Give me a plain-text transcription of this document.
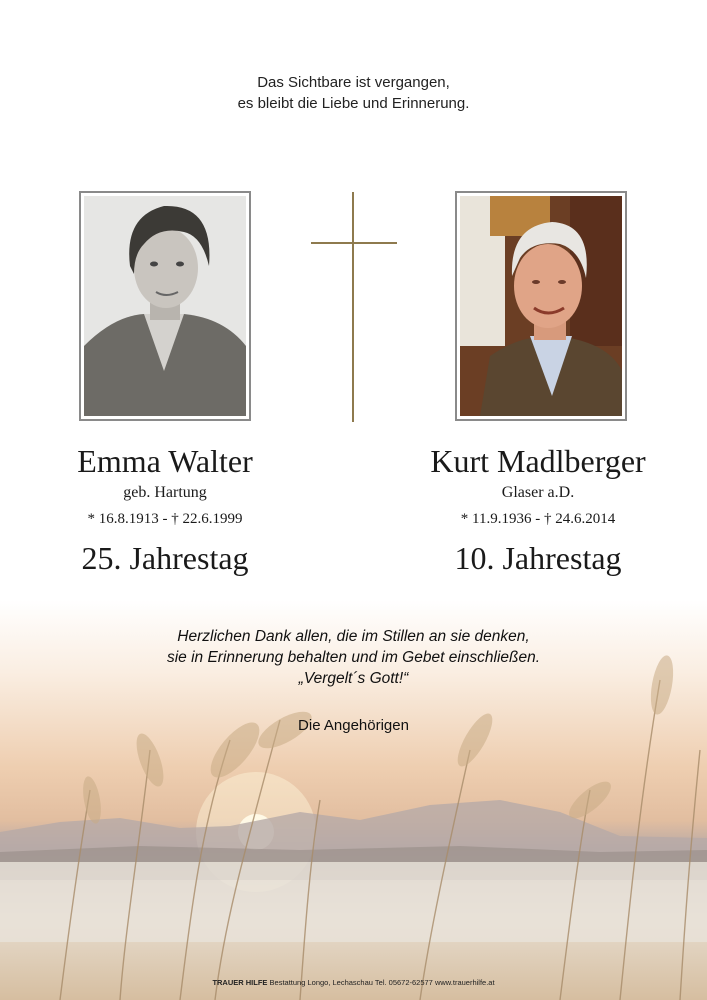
Das Sichtbare ist vergangen,
es bleibt die Liebe und Erinnerung.
Emma Walter
geb. Hartung
* 16.8.1913 - † 22.6.1999
25. Jahrestag
Kurt Madlberger
Glaser a.D.
* 11.9.1936 - † 24.6.2014
10. Jahrestag
Herzlichen Dank allen, die im Stillen an sie denken,
sie in Erinnerung behalten und im Gebet einschließen.
„Vergelt´s Gott!“
Die Angehörigen
TRAUER HILFE Bestattung Longo, Lechaschau Tel. 05672-62577 www.trauerhilfe.at
